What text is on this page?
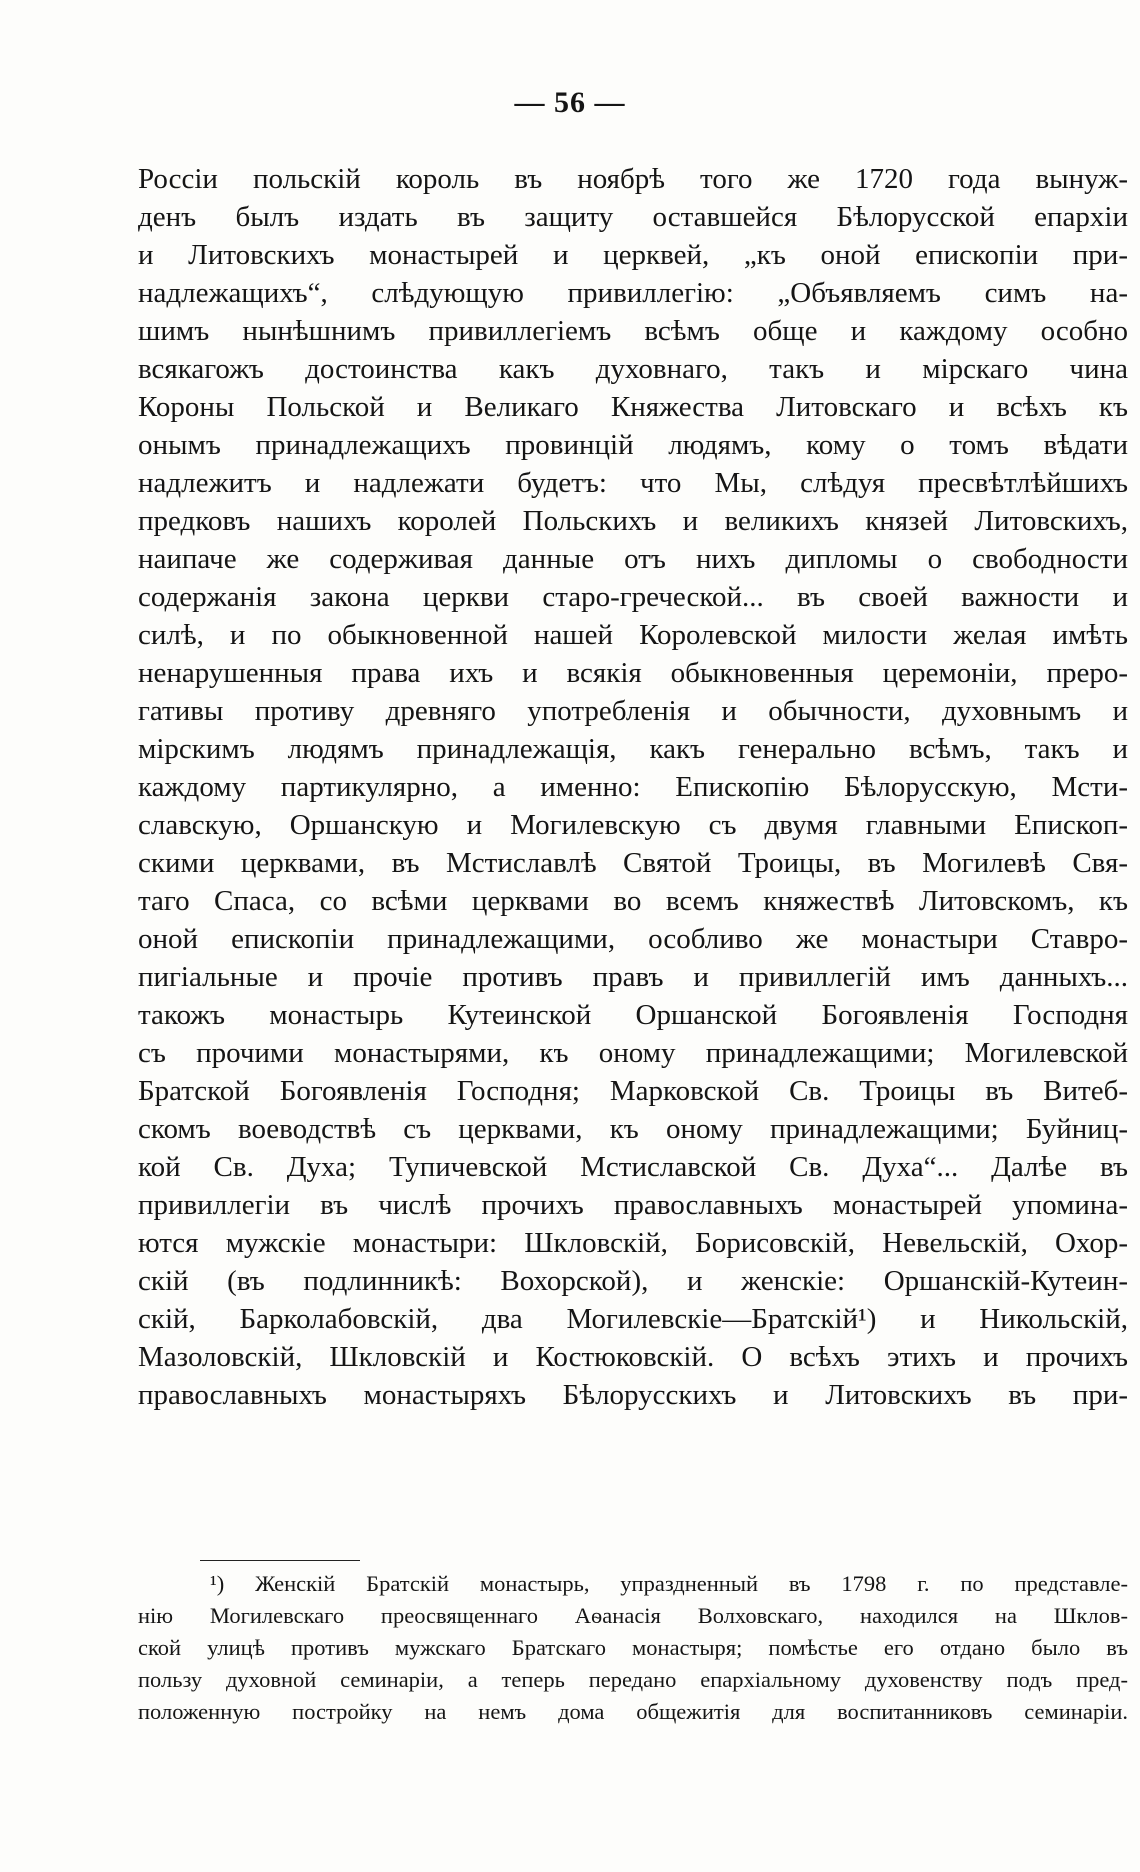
— 56 —
Россіи польскій король въ ноябрѣ того же 1720 года вынуж-
денъ былъ издать въ защиту оставшейся Бѣлорусской епархіи
и Литовскихъ монастырей и церквей, „къ оной епископіи при-
надлежащихъ“, слѣдующую привиллегію: „Объявляемъ симъ на-
шимъ нынѣшнимъ привиллегіемъ всѣмъ обще и каждому особно
всякагожъ достоинства какъ духовнаго, такъ и мірскаго чина
Короны Польской и Великаго Княжества Литовскаго и всѣхъ къ
онымъ принадлежащихъ провинцій людямъ, кому о томъ вѣдати
надлежитъ и надлежати будетъ: что Мы, слѣдуя пресвѣтлѣйшихъ
предковъ нашихъ королей Польскихъ и великихъ князей Литовскихъ,
наипаче же содерживая данные отъ нихъ дипломы о свободности
содержанія закона церкви старо-греческой... въ своей важности и
силѣ, и по обыкновенной нашей Королевской милости желая имѣть
ненарушенныя права ихъ и всякія обыкновенныя церемоніи, преро-
гативы противу древняго употребленія и обычности, духовнымъ и
мірскимъ людямъ принадлежащія, какъ генерально всѣмъ, такъ и
каждому партикулярно, а именно: Епископію Бѣлорусскую, Мсти-
славскую, Оршанскую и Могилевскую съ двумя главными Епископ-
скими церквами, въ Мстиславлѣ Святой Троицы, въ Могилевѣ Свя-
таго Спаса, со всѣми церквами во всемъ княжествѣ Литовскомъ, къ
оной епископіи принадлежащими, особливо же монастыри Ставро-
пигіальные и прочіе противъ правъ и привиллегій имъ данныхъ...
такожъ монастырь Кутеинской Оршанской Богоявленія Господня
съ прочими монастырями, къ оному принадлежащими; Могилевской
Братской Богоявленія Господня; Марковской Св. Троицы въ Витеб-
скомъ воеводствѣ съ церквами, къ оному принадлежащими; Буйниц-
кой Св. Духа; Тупичевской Мстиславской Св. Духа“... Далѣе въ
привиллегіи въ числѣ прочихъ православныхъ монастырей упомина-
ются мужскіе монастыри: Шкловскій, Борисовскій, Невельскій, Охор-
скій (въ подлинникѣ: Вохорской), и женскіе: Оршанскій-Кутеин-
скій, Барколабовскій, два Могилевскіе—Братскій¹) и Никольскій,
Мазоловскій, Шкловскій и Костюковскій. О всѣхъ этихъ и прочихъ
православныхъ монастыряхъ Бѣлорусскихъ и Литовскихъ въ при-
¹) Женскій Братскій монастырь, упраздненный въ 1798 г. по представле-
нію Могилевскаго преосвященнаго Аѳанасія Волховскаго, находился на Шклов-
ской улицѣ противъ мужскаго Братскаго монастыря; помѣстье его отдано было въ
пользу духовной семинаріи, а теперь передано епархіальному духовенству подъ пред-
положенную постройку на немъ дома общежитія для воспитанниковъ семинаріи.
